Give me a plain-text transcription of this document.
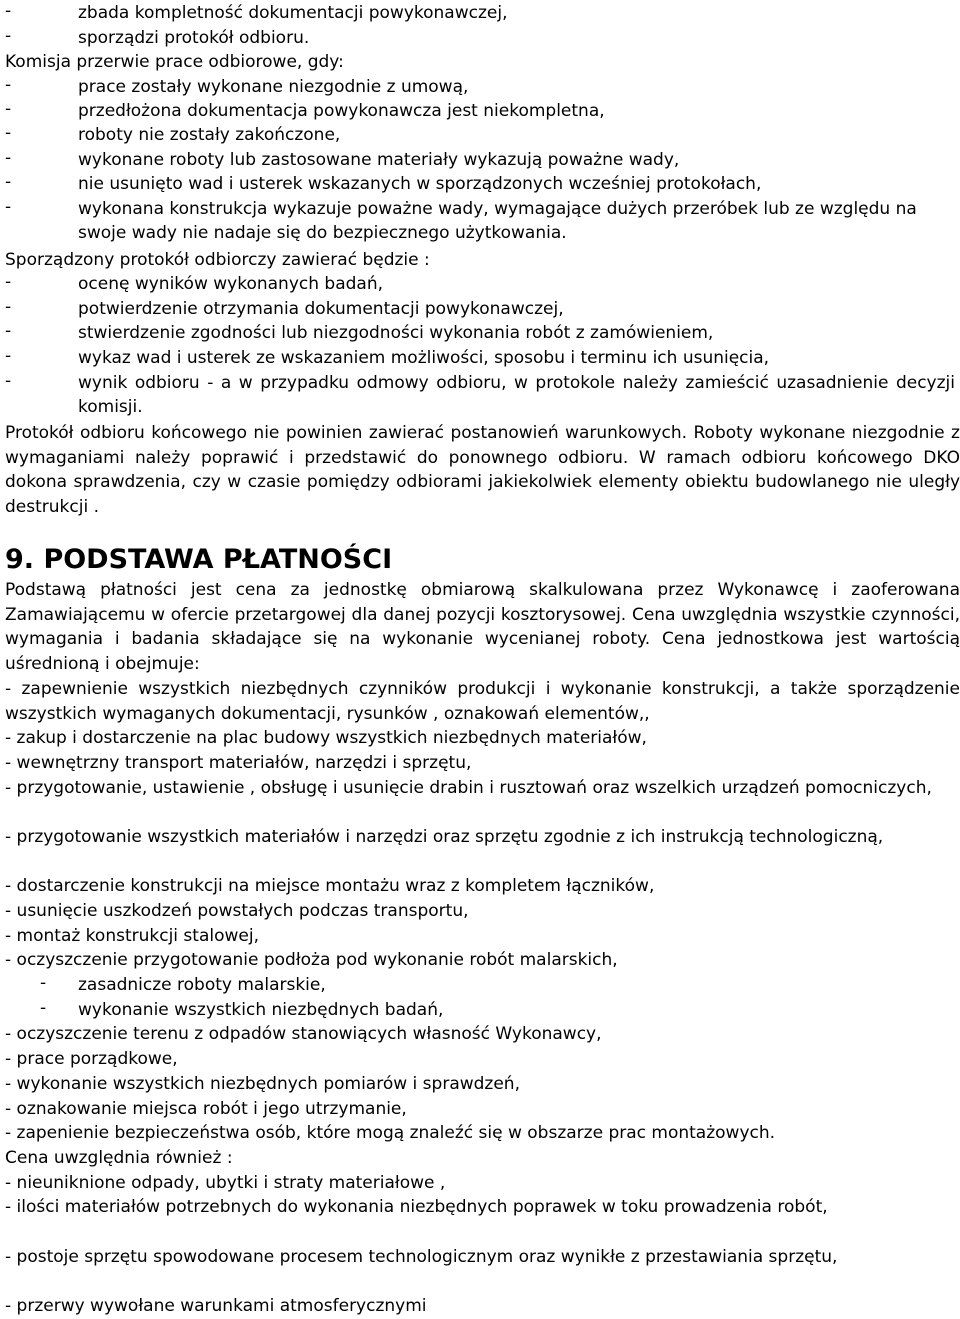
-	zbada kompletność dokumentacji powykonawczej,
-	sporządzi protokół odbioru.
Komisja przerwie prace odbiorowe, gdy:
-	prace zostały wykonane niezgodnie z umową,
-	przedłożona dokumentacja powykonawcza jest niekompletna,
-	roboty nie zostały zakończone,
-	wykonane roboty lub zastosowane materiały wykazują poważne wady,
-	nie usunięto wad i usterek wskazanych w sporządzonych wcześniej protokołach,
-	wykonana konstrukcja wykazuje poważne wady, wymagające dużych przeróbek lub ze względu na swoje wady nie nadaje się do bezpiecznego użytkowania.
Sporządzony protokół odbiorczy zawierać będzie :
-	ocenę wyników wykonanych badań,
-	potwierdzenie otrzymania dokumentacji powykonawczej,
-	stwierdzenie zgodności lub niezgodności wykonania robót z zamówieniem,
-	wykaz wad i usterek ze wskazaniem możliwości, sposobu i terminu ich usunięcia,
-	wynik odbioru - a w przypadku odmowy odbioru, w protokole należy zamieścić uzasadnienie decyzji komisji.
Protokół odbioru końcowego nie powinien zawierać postanowień warunkowych. Roboty wykonane niezgodnie z wymaganiami należy poprawić i przedstawić do ponownego odbioru. W ramach odbioru końcowego DKO dokona sprawdzenia, czy w czasie pomiędzy odbiorami jakiekolwiek elementy obiektu budowlanego nie uległy destrukcji .
9. PODSTAWA PŁATNOŚCI
Podstawą płatności jest cena za jednostkę obmiarową skalkulowana przez Wykonawcę i zaoferowana Zamawiającemu w ofercie przetargowej dla danej pozycji kosztorysowej. Cena uwzględnia wszystkie czynności, wymagania i badania składające się na wykonanie wycenianej roboty. Cena jednostkowa jest wartością uśrednioną i obejmuje:
- zapewnienie wszystkich niezbędnych czynników produkcji i wykonanie konstrukcji, a także sporządzenie wszystkich wymaganych dokumentacji, rysunków , oznakowań elementów,,
- zakup i dostarczenie na plac budowy wszystkich niezbędnych materiałów,
- wewnętrzny transport materiałów, narzędzi i sprzętu,
- przygotowanie, ustawienie , obsługę i usunięcie drabin i rusztowań oraz wszelkich urządzeń pomocniczych,
- przygotowanie wszystkich materiałów i narzędzi oraz sprzętu zgodnie z ich instrukcją technologiczną,
- dostarczenie konstrukcji na miejsce montażu wraz z kompletem łączników,
- usunięcie uszkodzeń powstałych podczas transportu,
- montaż konstrukcji stalowej,
- oczyszczenie przygotowanie podłoża pod wykonanie robót malarskich,
- zasadnicze roboty malarskie,
- wykonanie wszystkich niezbędnych badań,
- oczyszczenie terenu z odpadów stanowiących własność Wykonawcy,
- prace porządkowe,
- wykonanie wszystkich niezbędnych pomiarów i sprawdzeń,
- oznakowanie miejsca robót i jego utrzymanie,
- zapenienie bezpieczeństwa osób, które mogą znaleźć się w obszarze prac montażowych.
Cena uwzględnia również :
- nieuniknione odpady, ubytki i straty materiałowe ,
- ilości materiałów potrzebnych do wykonania niezbędnych poprawek w toku prowadzenia robót,
- postoje sprzętu spowodowane procesem technologicznym oraz wynikłe z przestawiania sprzętu,
- przerwy wywołane warunkami atmosferycznymi
